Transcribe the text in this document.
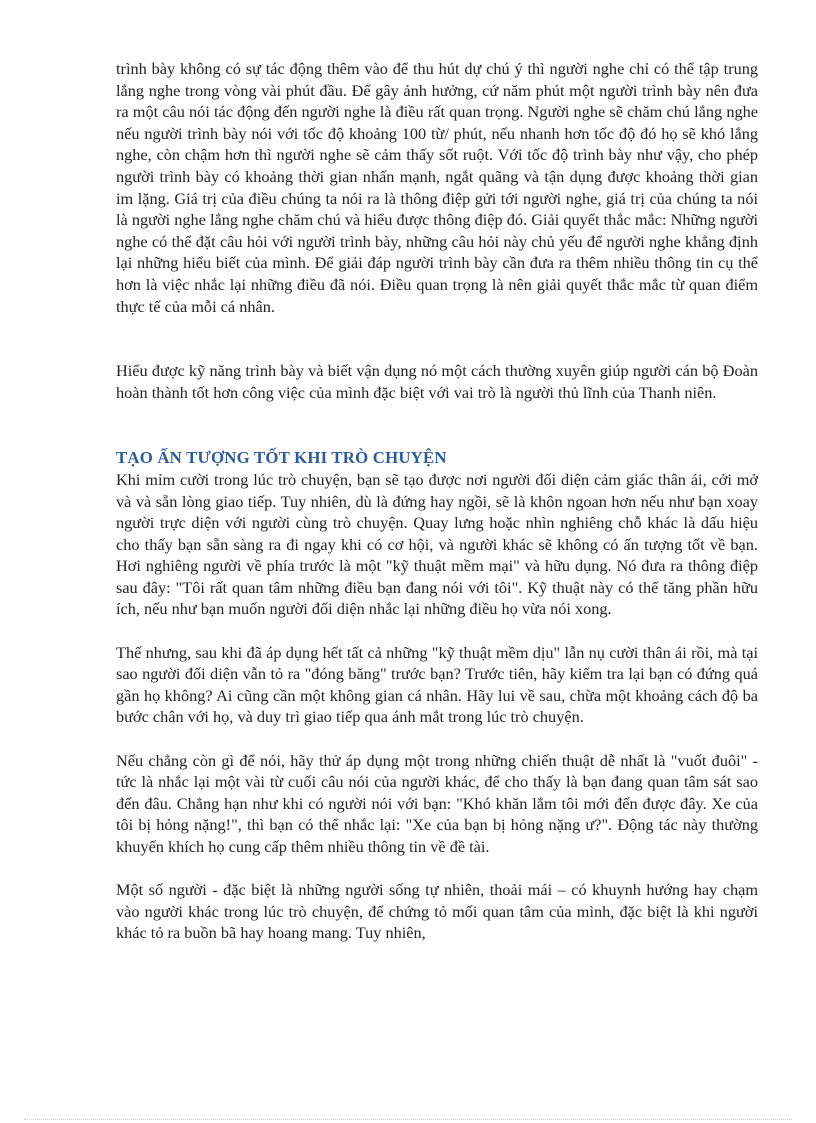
trình bày không có sự tác động thêm vào để thu hút dự chú ý thì người nghe chỉ có thể tập trung lắng nghe trong vòng vài phút đầu. Để gây ảnh hưởng, cứ năm phút một người trình bày nên đưa ra một câu nói tác động đến người nghe là điều rất quan trọng. Người nghe sẽ chăm chú lắng nghe nếu người trình bày nói với tốc độ khoảng 100 từ/ phút, nếu nhanh hơn tốc độ đó họ sẽ khó lắng nghe, còn chậm hơn thì người nghe sẽ cảm thấy sốt ruột. Với tốc độ trình bày như vậy, cho phép người trình bày có khoảng thời gian nhấn mạnh, ngắt quãng và tận dụng được khoảng thời gian im lặng. Giá trị của điều chúng ta nói ra là thông điệp gửi tới người nghe, giá trị của chúng ta nói là người nghe lắng nghe chăm chú và hiểu được thông điệp đó. Giải quyết thắc mắc: Những người nghe có thể đặt câu hỏi với người trình bày, những câu hỏi này chủ yếu để người nghe khẳng định lại những hiểu biết của mình. Để giải đáp người trình bày cần đưa ra thêm nhiều thông tin cụ thể hơn là việc nhắc lại những điều đã nói. Điều quan trọng là nên giải quyết thắc mắc từ quan điểm thực tế của mỗi cá nhân.

Hiểu được kỹ năng trình bày và biết vận dụng nó một cách thường xuyên giúp người cán bộ Đoàn hoàn thành tốt hơn công việc của mình đặc biệt với vai trò là người thủ lĩnh của Thanh niên.

TẠO ẤN TƯỢNG TỐT KHI TRÒ CHUYỆN

Khi mỉm cười trong lúc trò chuyện, bạn sẽ tạo được nơi người đối diện cảm giác thân ái, cởi mở và và sẵn lòng giao tiếp. Tuy nhiên, dù là đứng hay ngồi, sẽ là khôn ngoan hơn nếu như bạn xoay người trực diện với người cùng trò chuyện. Quay lưng hoặc nhìn nghiêng chỗ khác là dấu hiệu cho thấy bạn sẵn sàng ra đi ngay khi có cơ hội, và người khác sẽ không có ấn tượng tốt về bạn. Hơi nghiêng người về phía trước là một "kỹ thuật mềm mại" và hữu dụng. Nó đưa ra thông điệp sau đây: "Tôi rất quan tâm những điều bạn đang nói với tôi". Kỹ thuật này có thể tăng phần hữu ích, nếu như bạn muốn người đối diện nhắc lại những điều họ vừa nói xong.

Thế nhưng, sau khi đã áp dụng hết tất cả những "kỹ thuật mềm dịu" lẫn nụ cười thân ái rồi, mà tại sao người đối diện vẫn tỏ ra "đóng băng" trước bạn? Trước tiên, hãy kiểm tra lại bạn có đứng quá gần họ không? Ai cũng cần một không gian cá nhân. Hãy lui về sau, chừa một khoảng cách độ ba bước chân với họ, và duy trì giao tiếp qua ánh mắt trong lúc trò chuyện.

Nếu chẳng còn gì để nói, hãy thử áp dụng một trong những chiến thuật dễ nhất là "vuốt đuôi" - tức là nhắc lại một vài từ cuối câu nói của người khác, để cho thấy là bạn đang quan tâm sát sao đến đâu. Chẳng hạn như khi có người nói với bạn: "Khó khăn lắm tôi mới đến được đây. Xe của tôi bị hỏng nặng!", thì bạn có thể nhắc lại: "Xe của bạn bị hỏng nặng ư?". Động tác này thường khuyến khích họ cung cấp thêm nhiều thông tin về đề tài.

Một số người - đặc biệt là những người sống tự nhiên, thoải mái – có khuynh hướng hay chạm vào người khác trong lúc trò chuyện, để chứng tỏ mối quan tâm của mình, đặc biệt là khi người khác tỏ ra buồn bã hay hoang mang. Tuy nhiên,
